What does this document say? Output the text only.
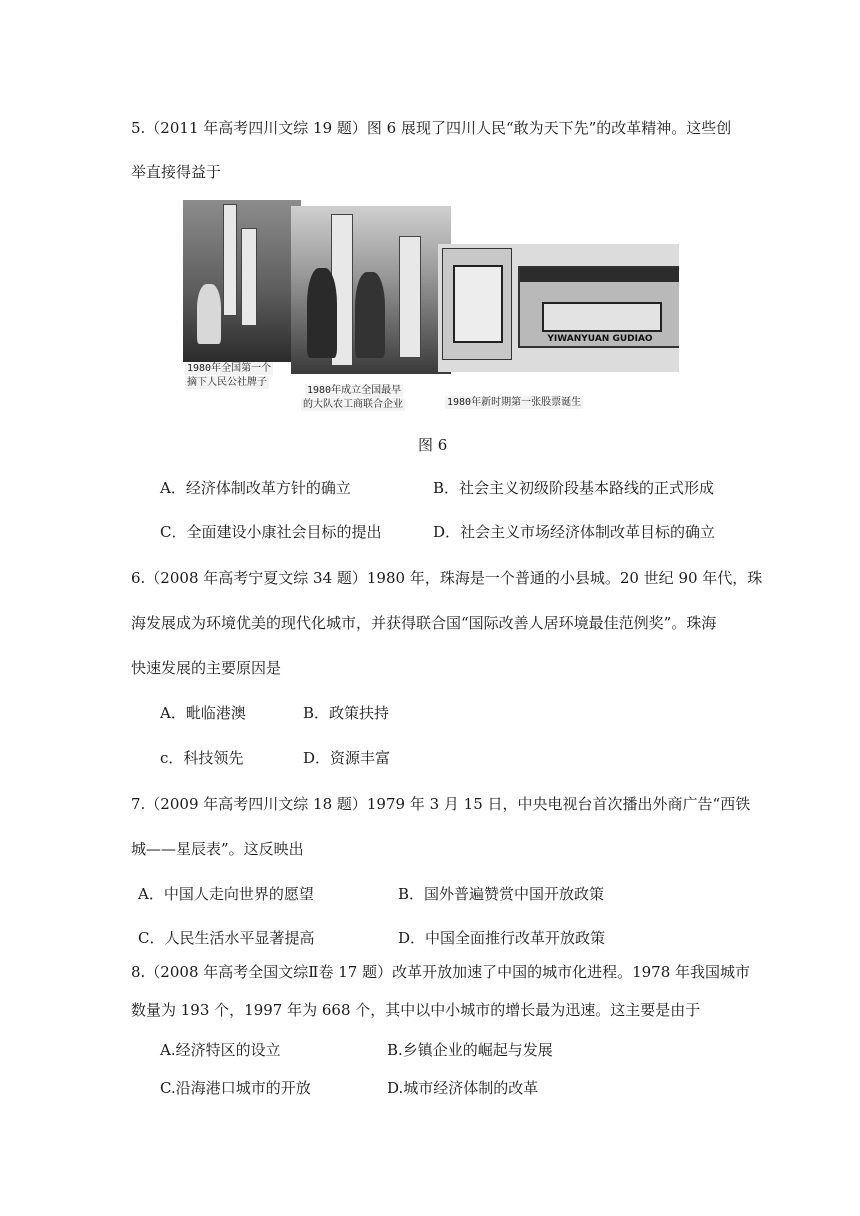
5.（2011 年高考四川文综 19 题）图 6 展现了四川人民“敢为天下先”的改革精神。这些创
举直接得益于
YIWANYUAN GUDIAO
1980年全国第一个
摘下人民公社牌子
1980年成立全国最早
的大队农工商联合企业	1980年新时期第一张股票诞生
图 6
A．经济体制改革方针的确立	B．社会主义初级阶段基本路线的正式形成
C．全面建设小康社会目标的提出	D．社会主义市场经济体制改革目标的确立
6.（2008 年高考宁夏文综 34 题）1980 年，珠海是一个普通的小县城。20 世纪 90 年代，珠
海发展成为环境优美的现代化城市，并获得联合国“国际改善人居环境最佳范例奖”。珠海
快速发展的主要原因是
A．毗临港澳	B．政策扶持
c．科技领先	D．资源丰富
7.（2009 年高考四川文综 18 题）1979 年 3 月 15 日，中央电视台首次播出外商广告“西铁
城——星辰表”。这反映出
A．中国人走向世界的愿望	B．国外普遍赞赏中国开放政策
C．人民生活水平显著提高	D．中国全面推行改革开放政策
8.（2008 年高考全国文综Ⅱ卷 17 题）改革开放加速了中国的城市化进程。1978 年我国城市
数量为 193 个，1997 年为 668 个，其中以中小城市的增长最为迅速。这主要是由于
A.经济特区的设立	B.乡镇企业的崛起与发展
C.沿海港口城市的开放	D.城市经济体制的改革
